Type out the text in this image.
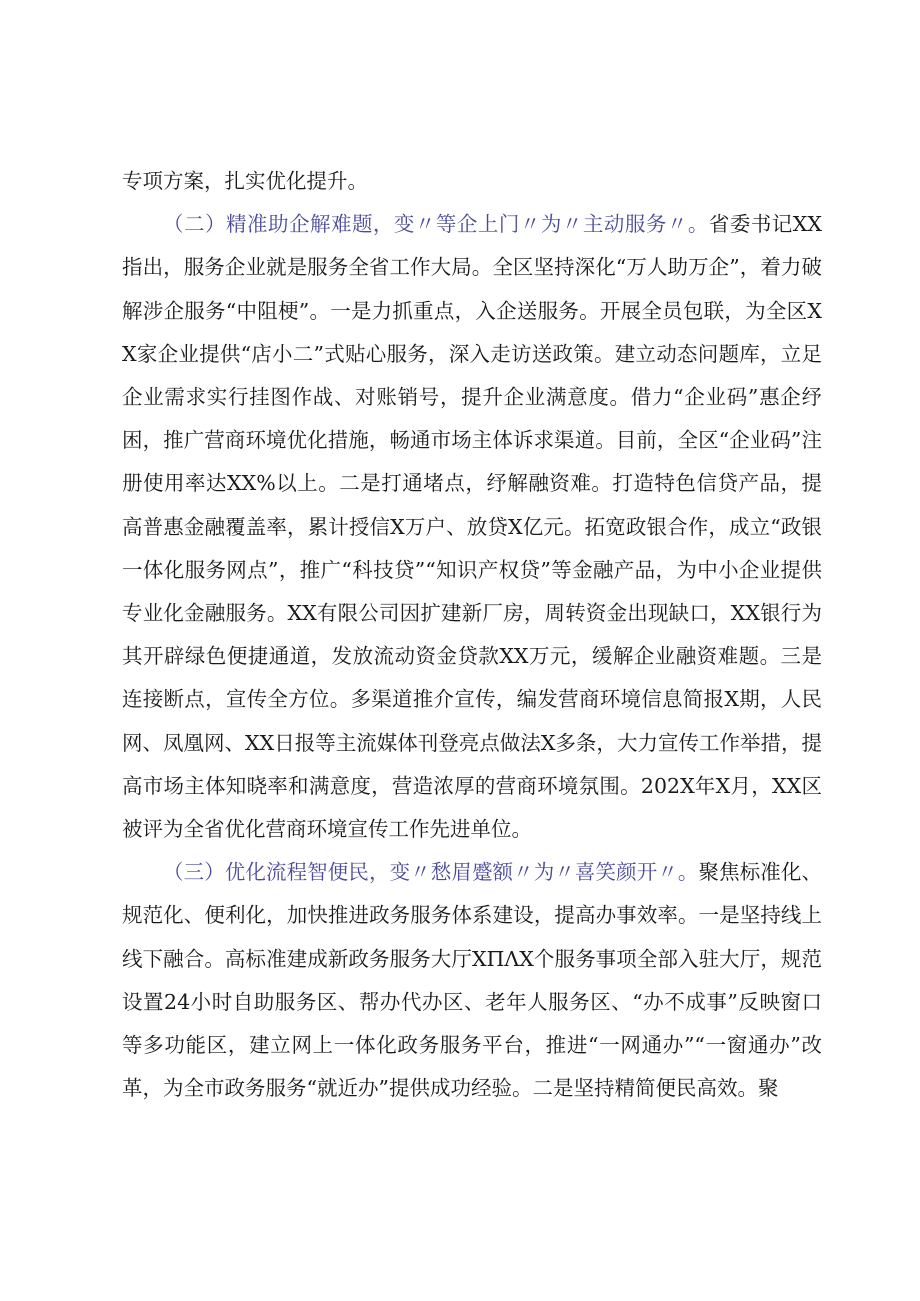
专项方案，扎实优化提升。

（二）精准助企解难题，变〃等企上门〃为〃主动服务〃。省委书记XX指出，服务企业就是服务全省工作大局。全区坚持深化“万人助万企”，着力破解涉企服务“中阻梗”。一是力抓重点，入企送服务。开展全员包联，为全区XX家企业提供“店小二”式贴心服务，深入走访送政策。建立动态问题库，立足企业需求实行挂图作战、对账销号，提升企业满意度。借力“企业码”惠企纾困，推广营商环境优化措施，畅通市场主体诉求渠道。目前，全区“企业码”注册使用率达XX%以上。二是打通堵点，纾解融资难。打造特色信贷产品，提高普惠金融覆盖率，累计授信X万户、放贷X亿元。拓宽政银合作，成立“政银一体化服务网点”，推广“科技贷”“知识产权贷”等金融产品，为中小企业提供专业化金融服务。XX有限公司因扩建新厂房，周转资金出现缺口，XX银行为其开辟绿色便捷通道，发放流动资金贷款XX万元，缓解企业融资难题。三是连接断点，宣传全方位。多渠道推介宣传，编发营商环境信息简报X期，人民网、凤凰网、XX日报等主流媒体刊登亮点做法X多条，大力宣传工作举措，提高市场主体知晓率和满意度，营造浓厚的营商环境氛围。202X年X月，XX区被评为全省优化营商环境宣传工作先进单位。

（三）优化流程智便民，变〃愁眉蹙额〃为〃喜笑颜开〃。聚焦标准化、规范化、便利化，加快推进政务服务体系建设，提高办事效率。一是坚持线上线下融合。高标准建成新政务服务大厅XΠΛX个服务事项全部入驻大厅，规范设置24小时自助服务区、帮办代办区、老年人服务区、“办不成事”反映窗口等多功能区，建立网上一体化政务服务平台，推进“一网通办”“一窗通办”改革，为全市政务服务“就近办”提供成功经验。二是坚持精简便民高效。聚
